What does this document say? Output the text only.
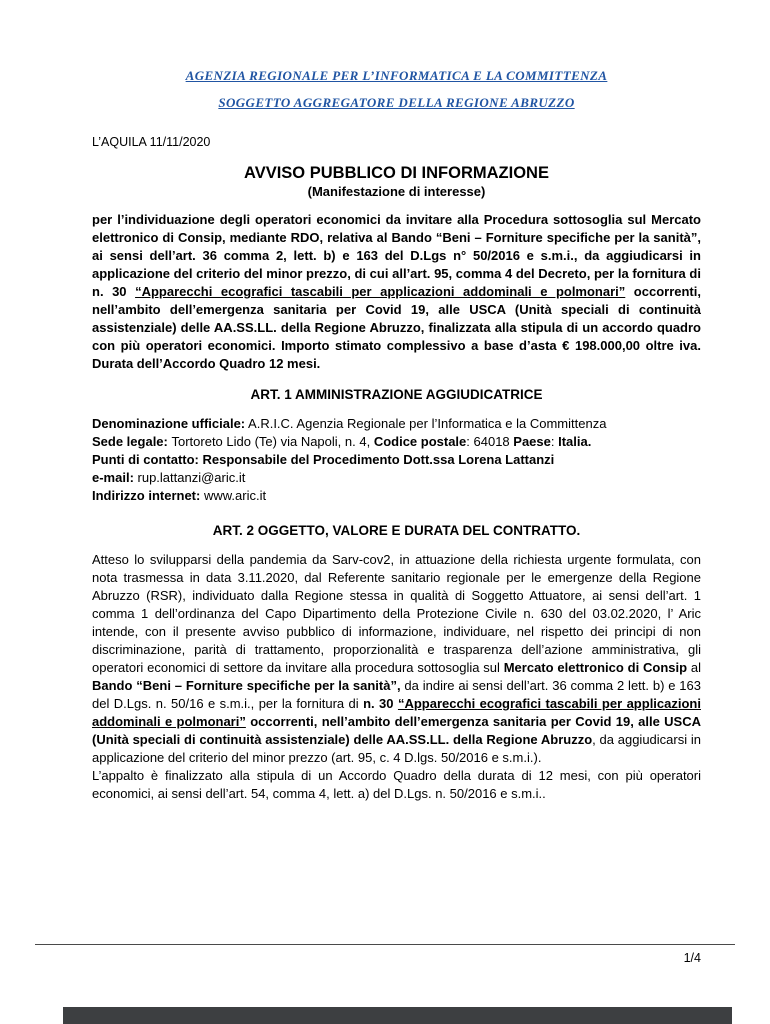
AGENZIA REGIONALE PER L’INFORMATICA E LA COMMITTENZA
SOGGETTO AGGREGATORE DELLA REGIONE ABRUZZO
L’AQUILA 11/11/2020
AVVISO PUBBLICO DI INFORMAZIONE
(Manifestazione di interesse)

per l’individuazione degli operatori economici da invitare alla Procedura sottosoglia sul Mercato elettronico di Consip, mediante RDO, relativa al Bando “Beni – Forniture specifiche per la sanità”, ai sensi dell’art. 36 comma 2, lett. b) e 163 del D.Lgs n° 50/2016 e s.m.i., da aggiudicarsi in applicazione del criterio del minor prezzo, di cui all’art. 95, comma 4 del Decreto, per la fornitura di n. 30 “Apparecchi ecografici tascabili per applicazioni addominali e polmonari” occorrenti, nell’ambito dell’emergenza sanitaria per Covid 19, alle USCA (Unità speciali di continuità assistenziale) delle AA.SS.LL. della Regione Abruzzo, finalizzata alla stipula di un accordo quadro con più operatori economici. Importo stimato complessivo a base d’asta € 198.000,00 oltre iva. Durata dell’Accordo Quadro 12 mesi.

ART. 1 AMMINISTRAZIONE AGGIUDICATRICE

Denominazione ufficiale: A.R.I.C. Agenzia Regionale per l’Informatica e la Committenza

Sede legale: Tortoreto Lido (Te) via Napoli, n. 4, Codice postale: 64018 Paese: Italia.

Punti di contatto: Responsabile del Procedimento Dott.ssa Lorena Lattanzi

e-mail: rup.lattanzi@aric.it

Indirizzo internet: www.aric.it

ART. 2 OGGETTO, VALORE E DURATA DEL CONTRATTO.

Atteso lo svilupparsi della pandemia da Sarv-cov2, in attuazione della richiesta urgente formulata, con nota trasmessa in data 3.11.2020, dal Referente sanitario regionale per le emergenze della Regione Abruzzo (RSR), individuato dalla Regione stessa in qualità di Soggetto Attuatore, ai sensi dell’art. 1 comma 1 dell’ordinanza del Capo Dipartimento della Protezione Civile n. 630 del 03.02.2020, l’ Aric intende, con il presente avviso pubblico di informazione, individuare, nel rispetto dei principi di non discriminazione, parità di trattamento, proporzionalità e trasparenza dell’azione amministrativa, gli operatori economici di settore da invitare alla procedura sottosoglia sul Mercato elettronico di Consip al Bando “Beni – Forniture specifiche per la sanità”, da indire ai sensi dell’art. 36 comma 2 lett. b) e 163 del D.Lgs. n. 50/16 e s.m.i., per la fornitura di n. 30 “Apparecchi ecografici tascabili per applicazioni addominali e polmonari” occorrenti, nell’ambito dell’emergenza sanitaria per Covid 19, alle USCA (Unità speciali di continuità assistenziale) delle AA.SS.LL. della Regione Abruzzo, da aggiudicarsi in applicazione del criterio del minor prezzo (art. 95, c. 4 D.lgs. 50/2016 e s.m.i.).

L’appalto è finalizzato alla stipula di un Accordo Quadro della durata di 12 mesi, con più operatori economici, ai sensi dell’art. 54, comma 4, lett. a) del D.Lgs. n. 50/2016 e s.m.i..

1/4
